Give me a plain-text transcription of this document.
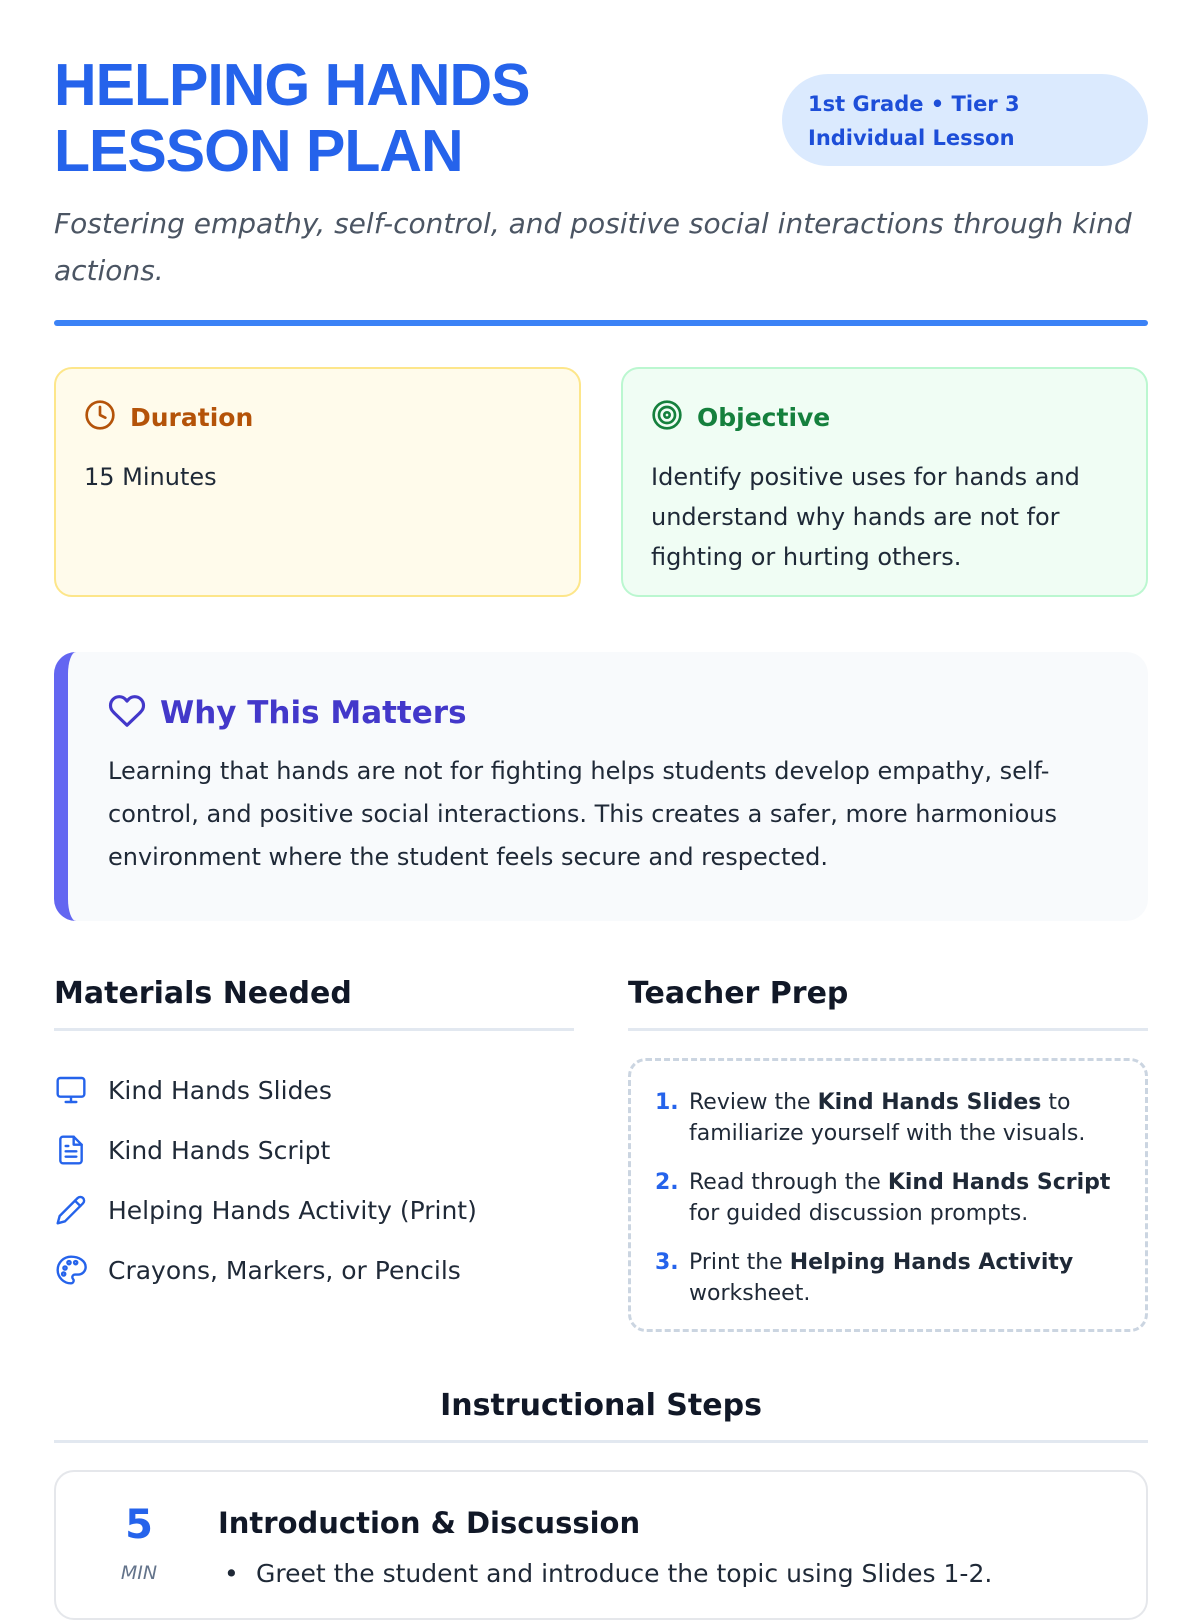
HELPING HANDS
LESSON PLAN
1st Grade • Tier 3 Individual Lesson

Fostering empathy, self-control, and positive social interactions through kind actions.

Duration
15 Minutes
Objective
Identify positive uses for hands and understand why hands are not for fighting or hurting others.
Why This Matters
Learning that hands are not for fighting helps students develop empathy, self-control, and positive social interactions. This creates a safer, more harmonious environment where the student feels secure and respected.
Materials Needed
Kind Hands Slides
Kind Hands Script
Helping Hands Activity (Print)
Crayons, Markers, or Pencils
Teacher Prep
1. Review the Kind Hands Slides to familiarize yourself with the visuals.
2. Read through the Kind Hands Script for guided discussion prompts.
3. Print the Helping Hands Activity worksheet.
Instructional Steps
5
MIN
Introduction & Discussion
• Greet the student and introduce the topic using Slides 1-2.
